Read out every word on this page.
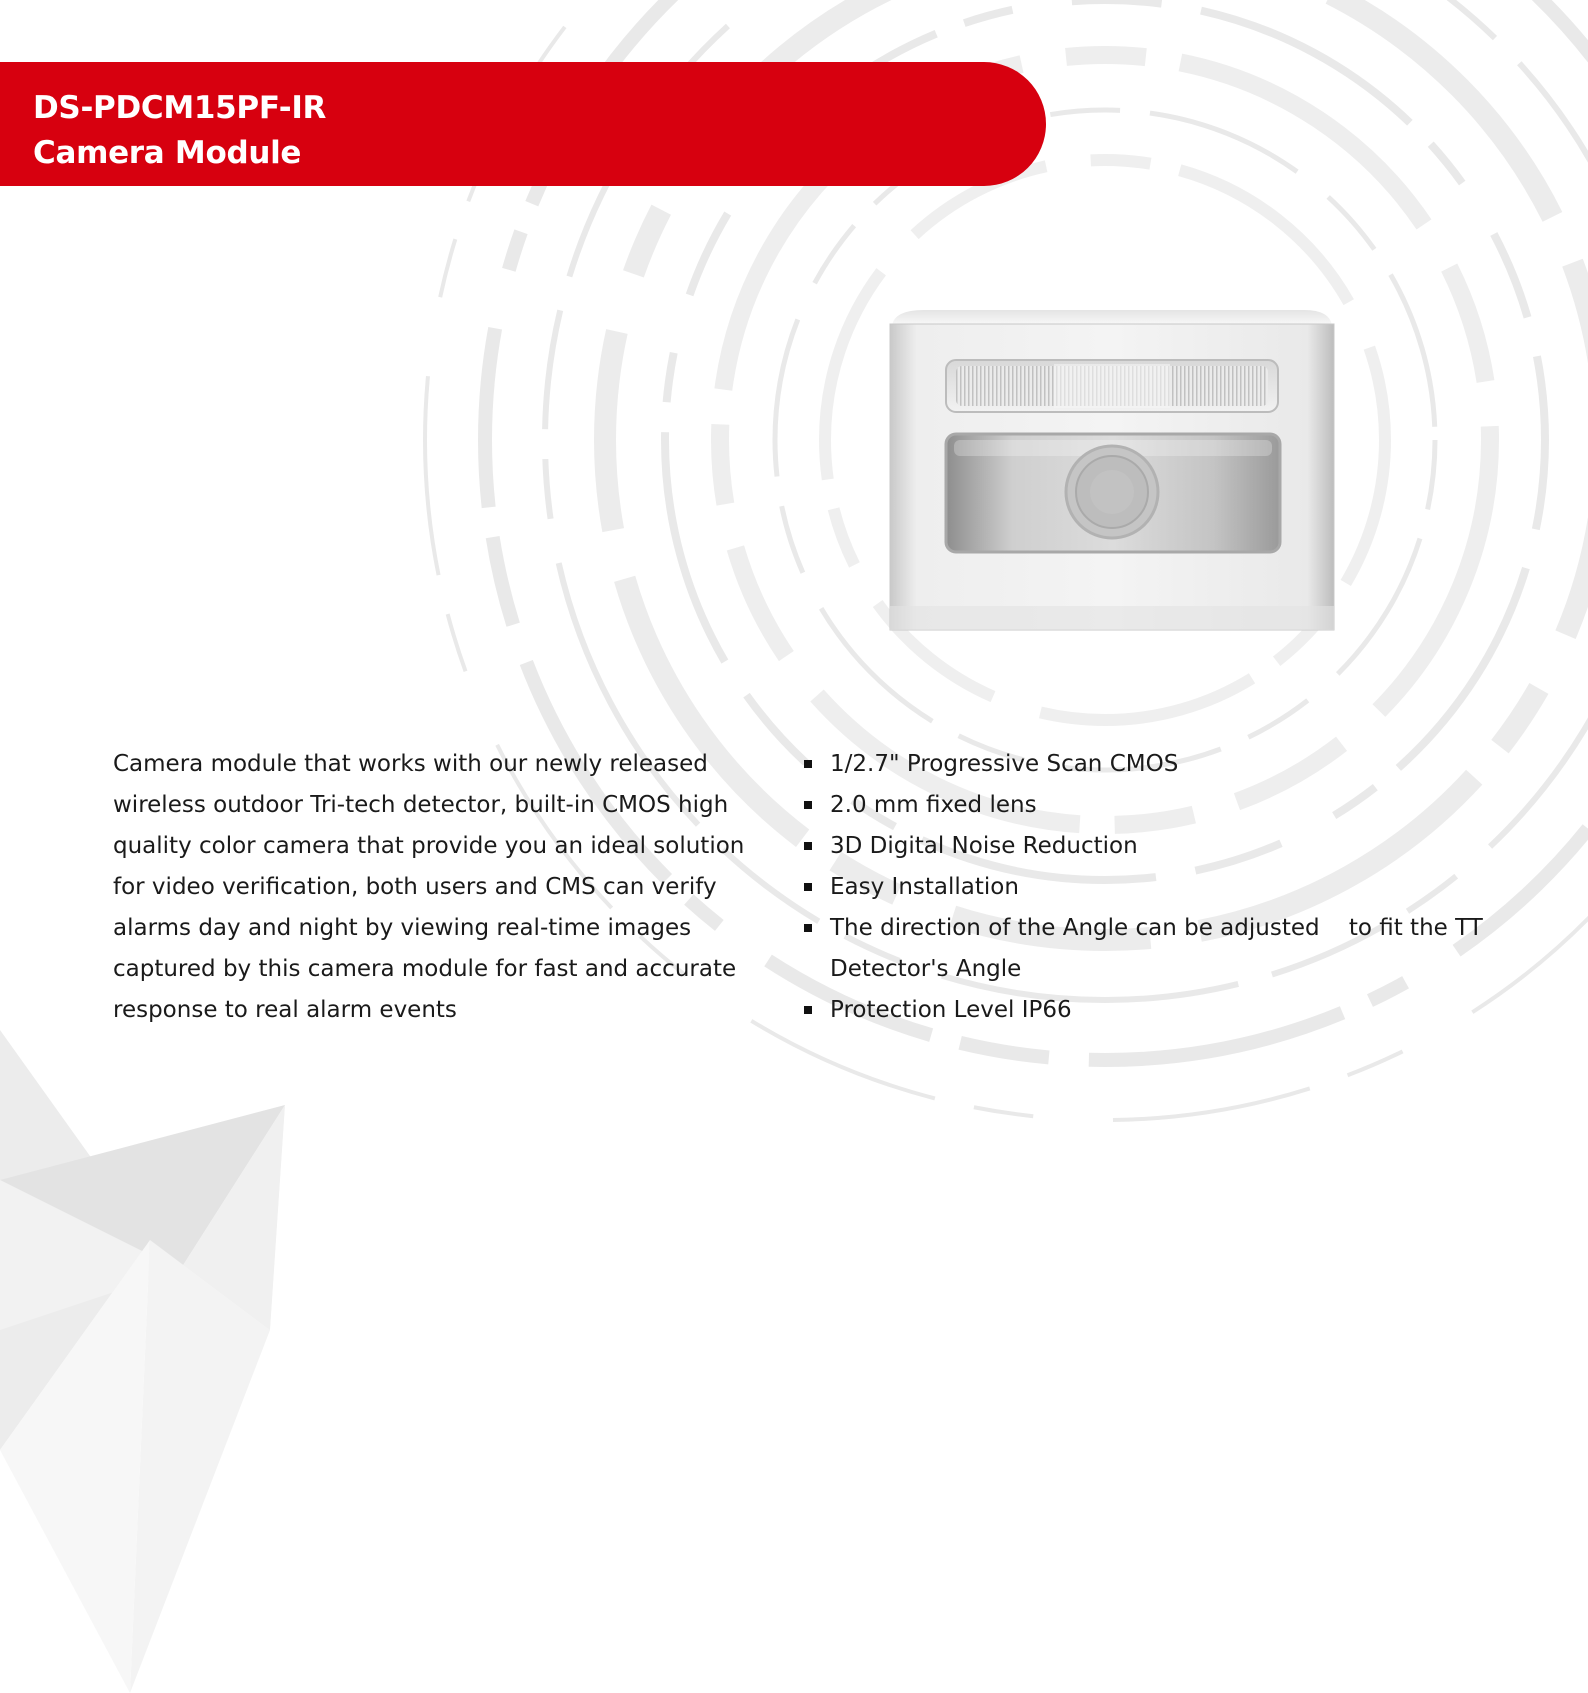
DS-PDCM15PF-IR
Camera Module

Camera module that works with our newly released wireless outdoor Tri-tech detector, built-in CMOS high quality color camera that provide you an ideal solution for video verification, both users and CMS can verify alarms day and night by viewing real-time images captured by this camera module for fast and accurate response to real alarm events

1/2.7" Progressive Scan CMOS
2.0 mm fixed lens
3D Digital Noise Reduction
Easy Installation
The direction of the Angle can be adjusted    to fit the TT Detector's Angle
Protection Level IP66
